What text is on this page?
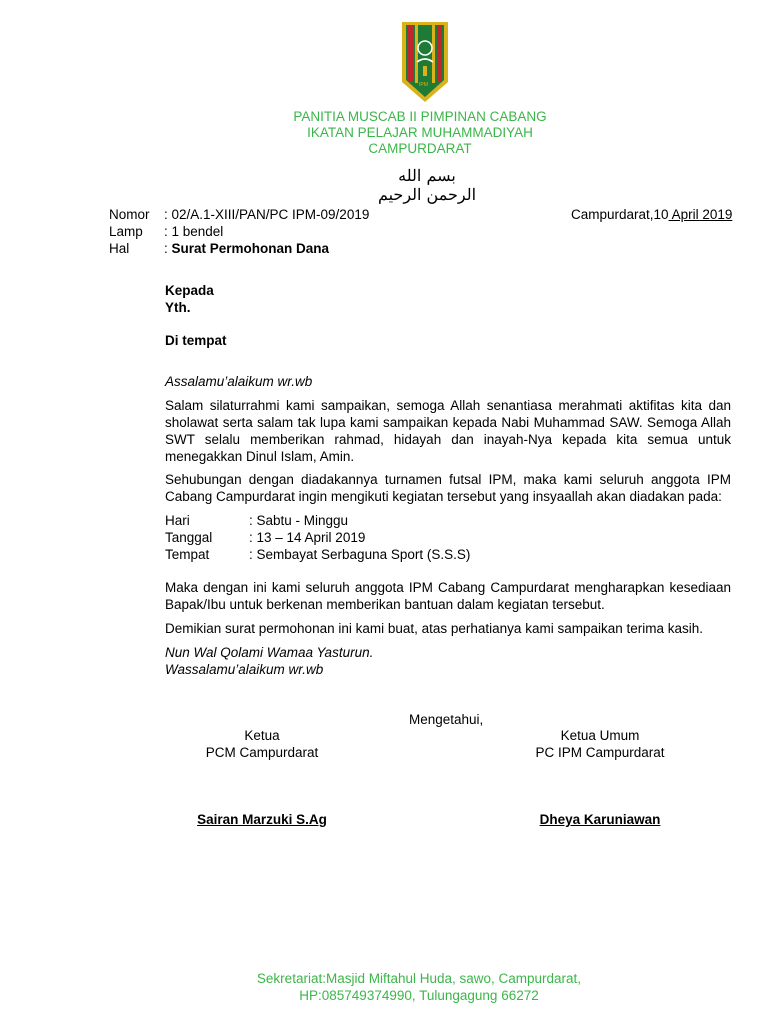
IPM
PANITIA MUSCAB II PIMPINAN CABANG
IKATAN PELAJAR MUHAMMADIYAH
CAMPURDARAT
بسم الله الرحمن الرحيم
Nomor : 02/A.1-XIII/PAN/PC IPM-09/2019
Lamp : 1 bendel
Hal	: Surat Permohonan Dana
Campurdarat,10 April 2019
Kepada
Yth.
Di tempat
Assalamu’alaikum wr.wb
Salam silaturrahmi kami sampaikan, semoga Allah senantiasa merahmati aktifitas kita dan sholawat serta salam tak lupa kami sampaikan kepada Nabi Muhammad SAW. Semoga Allah SWT selalu memberikan rahmad, hidayah dan inayah-Nya kepada kita semua untuk menegakkan Dinul Islam, Amin.
Sehubungan dengan diadakannya turnamen futsal IPM, maka kami seluruh anggota IPM Cabang Campurdarat ingin mengikuti kegiatan tersebut yang insyaallah akan diadakan pada:
Hari	: Sabtu - Minggu
Tanggal	: 13 – 14 April 2019
Tempat	: Sembayat Serbaguna Sport (S.S.S)
Maka dengan ini kami seluruh anggota IPM Cabang Campurdarat mengharapkan kesediaan Bapak/Ibu untuk berkenan memberikan bantuan dalam kegiatan tersebut.
Demikian surat permohonan ini kami buat, atas perhatianya kami sampaikan terima kasih.
Nun Wal Qolami Wamaa Yasturun.
Wassalamu’alaikum wr.wb
Mengetahui,
Ketua
PCM Campurdarat
Sairan Marzuki S.Ag
Ketua Umum
PC IPM Campurdarat
Dheya Karuniawan
Sekretariat:Masjid Miftahul Huda, sawo, Campurdarat,
HP:085749374990, Tulungagung 66272
